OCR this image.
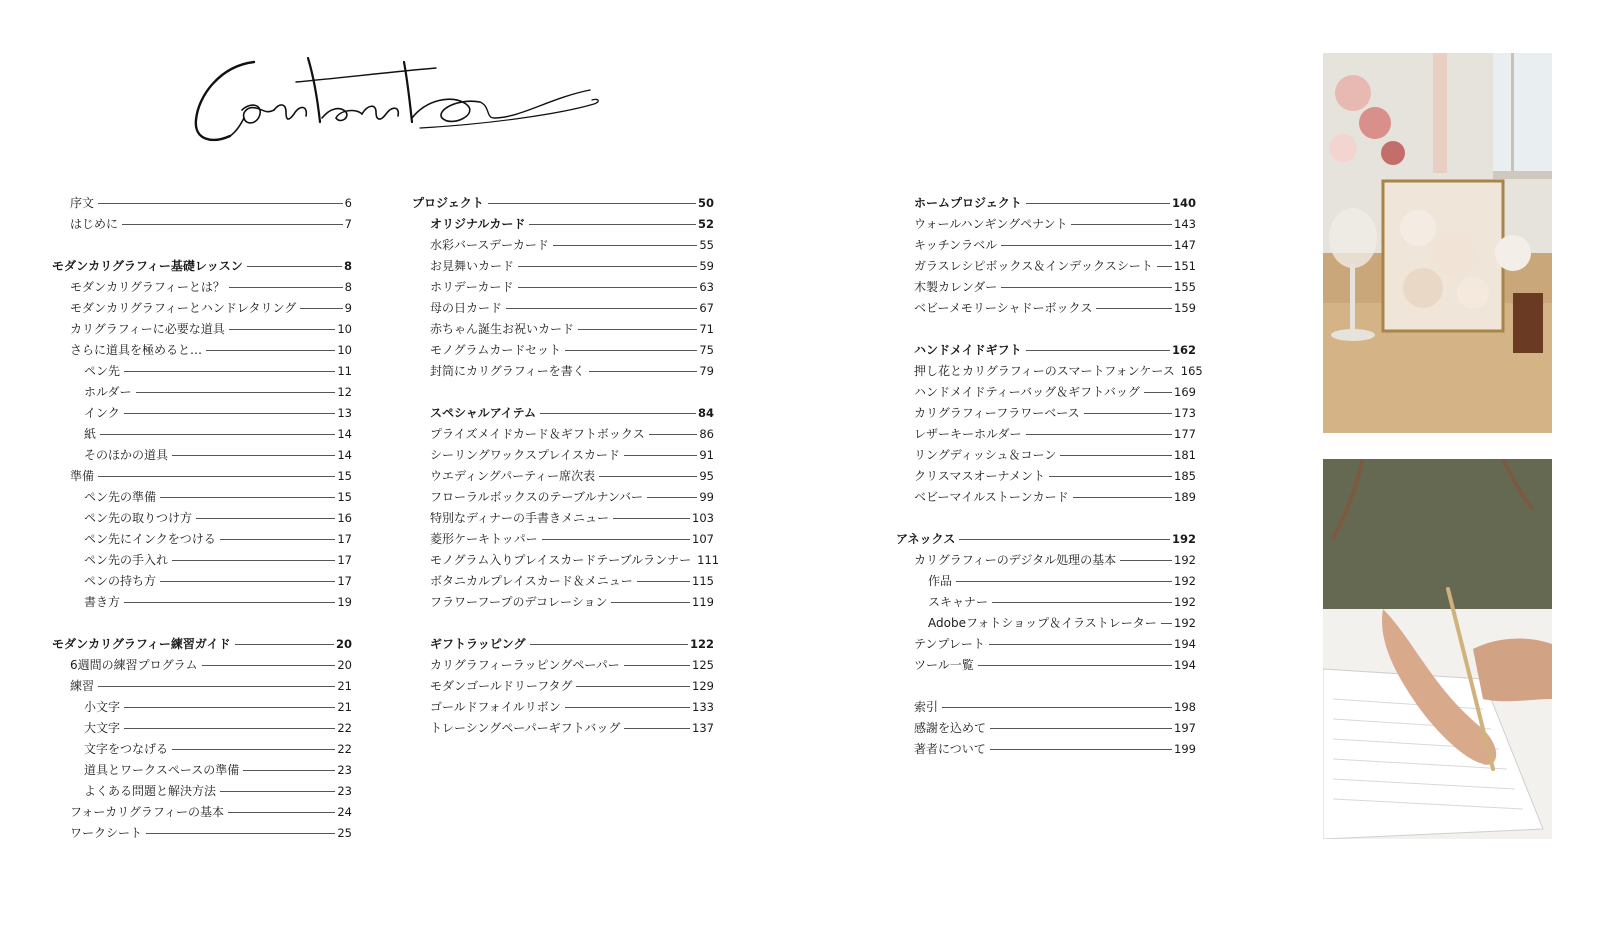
序文	6
はじめに	7
モダンカリグラフィー基礎レッスン	8
モダンカリグラフィーとは？	8
モダンカリグラフィーとハンドレタリング	9
カリグラフィーに必要な道具	10
さらに道具を極めると…	10
ペン先	11
ホルダー	12
インク	13
紙	14
そのほかの道具	14
準備	15
ペン先の準備	15
ペン先の取りつけ方	16
ペン先にインクをつける	17
ペン先の手入れ	17
ペンの持ち方	17
書き方	19
モダンカリグラフィー練習ガイド	20
6週間の練習プログラム	20
練習	21
小文字	21
大文字	22
文字をつなげる	22
道具とワークスペースの準備	23
よくある問題と解決方法	23
フォーカリグラフィーの基本	24
ワークシート	25
プロジェクト	50
オリジナルカード	52
水彩バースデーカード	55
お見舞いカード	59
ホリデーカード	63
母の日カード	67
赤ちゃん誕生お祝いカード	71
モノグラムカードセット	75
封筒にカリグラフィーを書く	79
スペシャルアイテム	84
プライズメイドカード＆ギフトボックス	86
シーリングワックスプレイスカード	91
ウエディングパーティー席次表	95
フローラルボックスのテーブルナンバー	99
特別なディナーの手書きメニュー	103
菱形ケーキトッパー	107
モノグラム入りプレイスカードテーブルランナー 111
ボタニカルプレイスカード＆メニュー	115
フラワーフープのデコレーション	119
ギフトラッピング	122
カリグラフィーラッピングペーパー	125
モダンゴールドリーフタグ	129
ゴールドフォイルリボン	133
トレーシングペーパーギフトバッグ	137
ホームプロジェクト	140
ウォールハンギングペナント	143
キッチンラベル	147
ガラスレシピボックス＆インデックスシート 151
木製カレンダー	155
ベビーメモリーシャドーボックス	159
ハンドメイドギフト	162
押し花とカリグラフィーのスマートフォンケース 165
ハンドメイドティーバッグ＆ギフトバッグ	169
カリグラフィーフラワーベース	173
レザーキーホルダー	177
リングディッシュ＆コーン	181
クリスマスオーナメント	185
ベビーマイルストーンカード	189
アネックス	192
カリグラフィーのデジタル処理の基本	192
作品	192
スキャナー	192
Adobeフォトショップ＆イラストレーター 192
テンプレート	194
ツール一覧	194
索引	198
感謝を込めて	197
著者について	199
